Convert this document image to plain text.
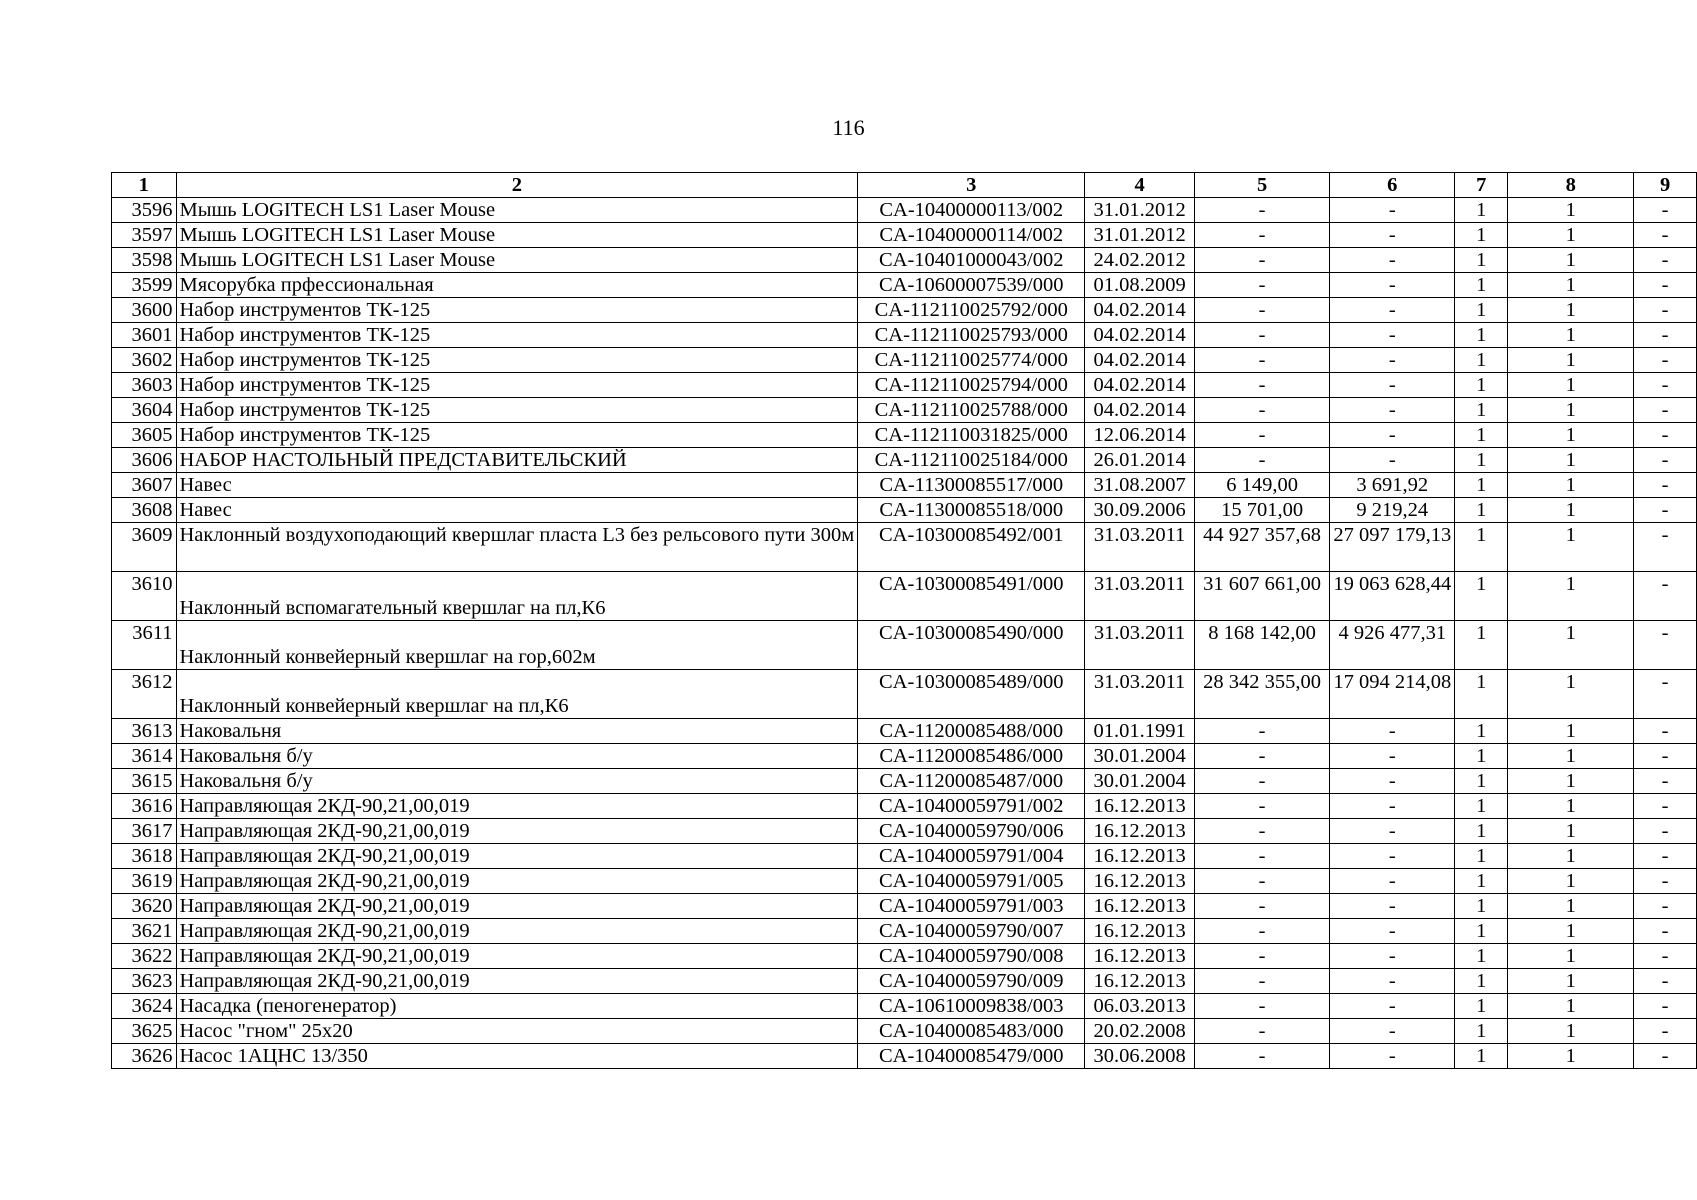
116
1	2	3	4	5	6	7	8	9
3596	Мышь LOGITECH LS1 Laser Mouse	CA-10400000113/002	31.01.2012	-	-	1	1	-
3597	Мышь LOGITECH LS1 Laser Mouse	CA-10400000114/002	31.01.2012	-	-	1	1	-
3598	Мышь LOGITECH LS1 Laser Mouse	CA-10401000043/002	24.02.2012	-	-	1	1	-
3599	Мясорубка прфессиональная	CA-10600007539/000	01.08.2009	-	-	1	1	-
3600	Набор инструментов ТК-125	CA-112110025792/000	04.02.2014	-	-	1	1	-
3601	Набор инструментов ТК-125	CA-112110025793/000	04.02.2014	-	-	1	1	-
3602	Набор инструментов ТК-125	CA-112110025774/000	04.02.2014	-	-	1	1	-
3603	Набор инструментов ТК-125	CA-112110025794/000	04.02.2014	-	-	1	1	-
3604	Набор инструментов ТК-125	CA-112110025788/000	04.02.2014	-	-	1	1	-
3605	Набор инструментов ТК-125	CA-112110031825/000	12.06.2014	-	-	1	1	-
3606	НАБОР НАСТОЛЬНЫЙ ПРЕДСТАВИТЕЛЬСКИЙ	CA-112110025184/000	26.01.2014	-	-	1	1	-
3607	Навес	CA-11300085517/000	31.08.2007	6 149,00	3 691,92	1	1	-
3608	Навес	CA-11300085518/000	30.09.2006	15 701,00	9 219,24	1	1	-
3609	Наклонный воздухоподающий квершлаг пласта L3 без рельсового пути 300м	CA-10300085492/001	31.03.2011	44 927 357,68	27 097 179,13	1	1	-
3610	Наклонный вспомагательный квершлаг на пл,К6	CA-10300085491/000	31.03.2011	31 607 661,00	19 063 628,44	1	1	-
3611	Наклонный конвейерный квершлаг на гор,602м	CA-10300085490/000	31.03.2011	8 168 142,00	4 926 477,31	1	1	-
3612	Наклонный конвейерный квершлаг на пл,К6	CA-10300085489/000	31.03.2011	28 342 355,00	17 094 214,08	1	1	-
3613	Наковальня	CA-11200085488/000	01.01.1991	-	-	1	1	-
3614	Наковальня б/у	CA-11200085486/000	30.01.2004	-	-	1	1	-
3615	Наковальня б/у	CA-11200085487/000	30.01.2004	-	-	1	1	-
3616	Направляющая 2КД-90,21,00,019	CA-10400059791/002	16.12.2013	-	-	1	1	-
3617	Направляющая 2КД-90,21,00,019	CA-10400059790/006	16.12.2013	-	-	1	1	-
3618	Направляющая 2КД-90,21,00,019	CA-10400059791/004	16.12.2013	-	-	1	1	-
3619	Направляющая 2КД-90,21,00,019	CA-10400059791/005	16.12.2013	-	-	1	1	-
3620	Направляющая 2КД-90,21,00,019	CA-10400059791/003	16.12.2013	-	-	1	1	-
3621	Направляющая 2КД-90,21,00,019	CA-10400059790/007	16.12.2013	-	-	1	1	-
3622	Направляющая 2КД-90,21,00,019	CA-10400059790/008	16.12.2013	-	-	1	1	-
3623	Направляющая 2КД-90,21,00,019	CA-10400059790/009	16.12.2013	-	-	1	1	-
3624	Насадка (пеногенератор)	CA-10610009838/003	06.03.2013	-	-	1	1	-
3625	Насос "гном" 25х20	CA-10400085483/000	20.02.2008	-	-	1	1	-
3626	Насос 1АЦНС 13/350	CA-10400085479/000	30.06.2008	-	-	1	1	-
